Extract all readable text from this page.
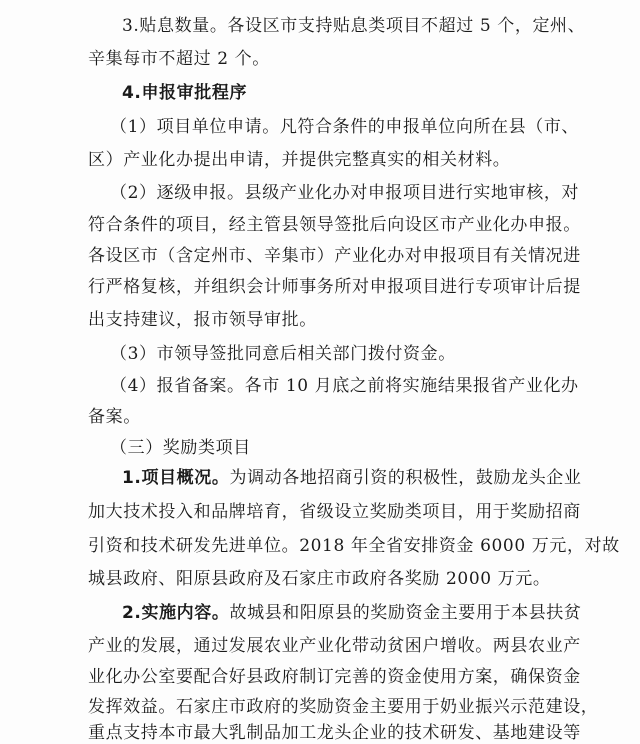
3.贴息数量。各设区市支持贴息类项目不超过 5 个，定州、
辛集每市不超过 2 个。
4.申报审批程序
（1）项目单位申请。凡符合条件的申报单位向所在县（市、
区）产业化办提出申请，并提供完整真实的相关材料。
（2）逐级申报。县级产业化办对申报项目进行实地审核，对
符合条件的项目，经主管县领导签批后向设区市产业化办申报。
各设区市（含定州市、辛集市）产业化办对申报项目有关情况进
行严格复核，并组织会计师事务所对申报项目进行专项审计后提
出支持建议，报市领导审批。
（3）市领导签批同意后相关部门拨付资金。
（4）报省备案。各市 10 月底之前将实施结果报省产业化办
备案。
（三）奖励类项目
1.项目概况。为调动各地招商引资的积极性，鼓励龙头企业
加大技术投入和品牌培育，省级设立奖励类项目，用于奖励招商
引资和技术研发先进单位。2018 年全省安排资金 6000 万元，对故
城县政府、阳原县政府及石家庄市政府各奖励 2000 万元。
2.实施内容。故城县和阳原县的奖励资金主要用于本县扶贫
产业的发展，通过发展农业产业化带动贫困户增收。两县农业产
业化办公室要配合好县政府制订完善的资金使用方案，确保资金
发挥效益。石家庄市政府的奖励资金主要用于奶业振兴示范建设，
重点支持本市最大乳制品加工龙头企业的技术研发、基地建设等
